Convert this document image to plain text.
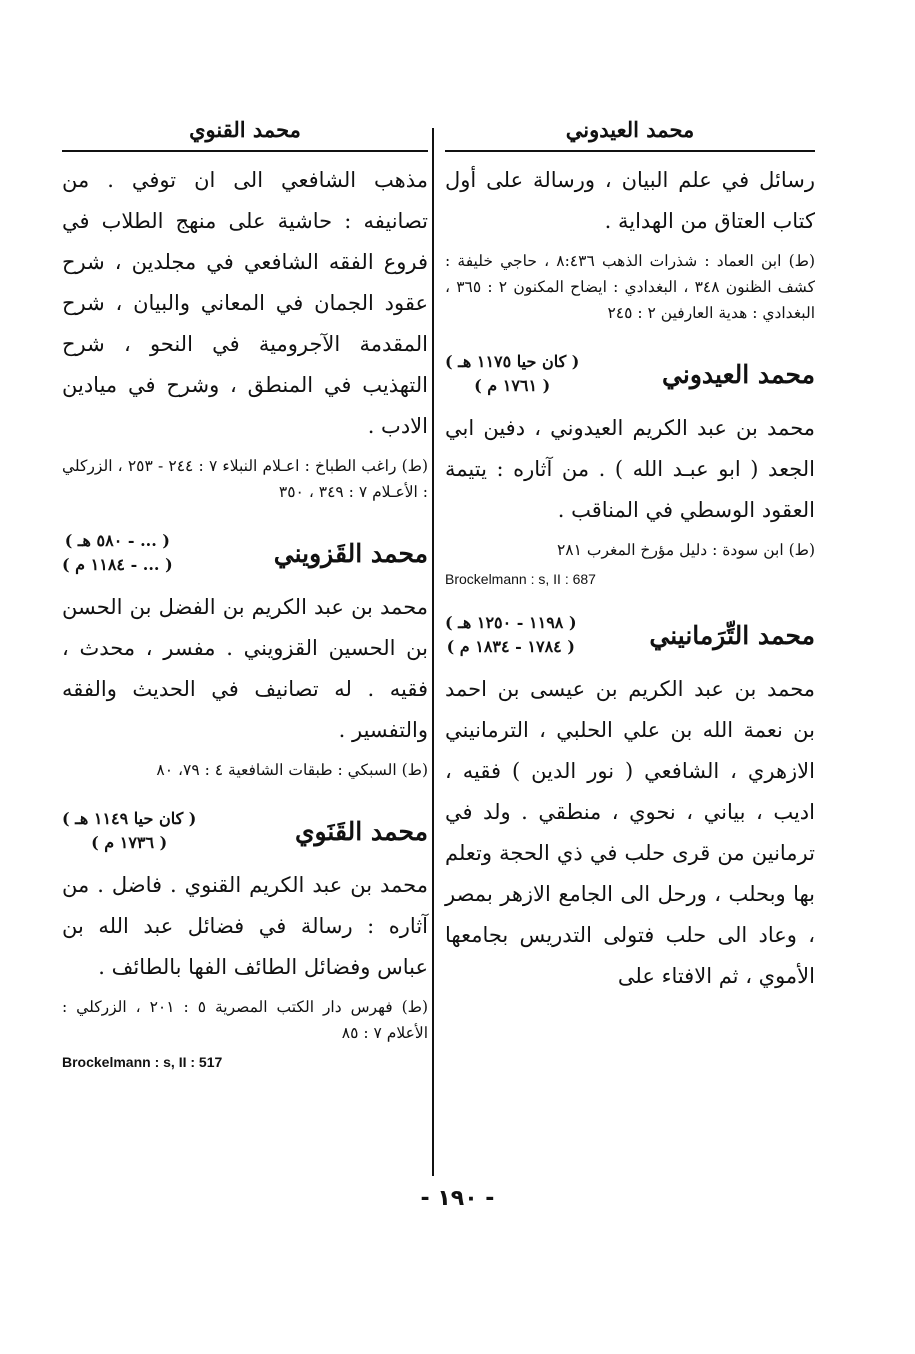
محمد العيدوني

رسائل في علم البيان ، ورسالة على أول كتاب العتاق من الهداية .

(ط) ابن العماد : شذرات الذهب ٨:٤٣٦ ، حاجي خليفة : كشف الظنون ٣٤٨ ، البغدادي : ايضاح المكنون ٢ : ٣٦٥ ، البغدادي : هدية العارفين ٢ : ٢٤٥

محمد العيدوني
( كان حيا ١١٧٥ هـ )
( ١٧٦١ م )

محمد بن عبد الكريم العيدوني ، دفين ابي الجعد ( ابو عبـد الله ) . من آثاره : يتيمة العقود الوسطي في المناقب .

(ط) ابن سودة : دليل مؤرخ المغرب ٢٨١

Brockelmann : s, II : 687

محمد التِّرَمانيني
( ١١٩٨ - ١٢٥٠ هـ )
( ١٧٨٤ - ١٨٣٤ م )

محمد بن عبد الكريم بن عيسى بن احمد بن نعمة الله بن علي الحلبي ، الترمانيني الازهري ، الشافعي ( نور الدين ) فقيه ، اديب ، بياني ، نحوي ، منطقي . ولد في ترمانين من قرى حلب في ذي الحجة وتعلم بها وبحلب ، ورحل الى الجامع الازهر بمصر ، وعاد الى حلب فتولى التدريس بجامعها الأموي ، ثم الافتاء على

محمد القنوي

مذهب الشافعي الى ان توفي . من تصانيفه : حاشية على منهج الطلاب في فروع الفقه الشافعي في مجلدين ، شرح عقود الجمان في المعاني والبيان ، شرح المقدمة الآجرومية في النحو ، شرح التهذيب في المنطق ، وشرح في ميادين الادب .

(ط) راغب الطباخ : اعـلام النبلاء ٧ : ٢٤٤ - ٢٥٣ ، الزركلي : الأعـلام ٧ : ٣٤٩ ، ٣٥٠

محمد القَزويني
( ... - ٥٨٠ هـ )
( ... - ١١٨٤ م )

محمد بن عبد الكريم بن الفضل بن الحسن بن الحسين القزويني . مفسر ، محدث ، فقيه . له تصانيف في الحديث والفقه والتفسير .

(ط) السبكي : طبقات الشافعية ٤ : ٧٩، ٨٠

محمد القَنَوي
( كان حيا ١١٤٩ هـ )
( ١٧٣٦ م )

محمد بن عبد الكريم القنوي . فاضل . من آثاره : رسالة في فضائل عبد الله بن عباس وفضائل الطائف الفها بالطائف .

(ط) فهرس دار الكتب المصرية ٥ : ٢٠١ ، الزركلي : الأعلام ٧ : ٨٥

Brockelmann : s, II : 517

- ١٩٠ -
